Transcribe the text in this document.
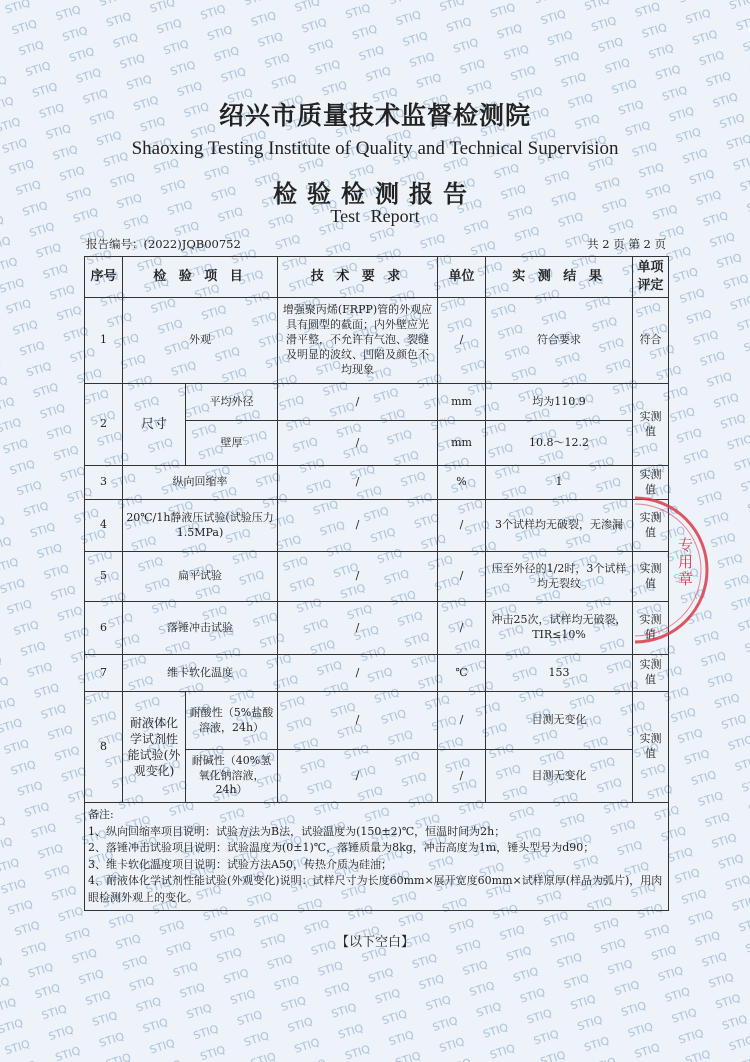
绍兴市质量技术监督检测院
Shaoxing Testing Institute of Quality and Technical Supervision
检验检测报告
Test Report
报告编号：(2022)JQB00752	共 2 页 第 2 页
序号	检 验 项 目		技 术 要 求	单位	实 测 结 果	单项评定
1	外观		增强聚丙烯(FRPP)管的外观应具有圆型的截面；内外壁应光滑平整，不允许有气泡、裂缝及明显的波纹、凹陷及颜色不均现象	/	符合要求	符合
2	尺寸	平均外径	/	mm	均为110.9	实测值
		壁厚	/	mm	10.8～12.2	
3	纵向回缩率		/	%	1	实测值
4	20℃/1h静液压试验(试验压力1.5MPa)		/	/	3个试样均无破裂，无渗漏	实测值
5	扁平试验		/	/	压至外径的1/2时，3个试样均无裂纹	实测值
6	落锤冲击试验		/	/	冲击25次，试样均无破裂，TIR≤10%	实测值
7	维卡软化温度		/	℃	153	实测值
8	耐液体化学试剂性能试验(外观变化)	耐酸性（5%盐酸溶液，24h）	/	/	目测无变化	实测值
		耐碱性（40%氢氧化钠溶液，24h）	/	/	目测无变化	

备注:
1、纵向回缩率项目说明：试验方法为B法，试验温度为(150±2)℃，恒温时间为2h；
2、落锤冲击试验项目说明：试验温度为(0±1)℃，落锤质量为8kg，冲击高度为1m，锤头型号为d90；
3、维卡软化温度项目说明：试验方法A50，传热介质为硅油；
4、耐液体化学试剂性能试验(外观变化)说明：试样尺寸为长度60mm×展开宽度60mm×试样原厚(样品为弧片)，用肉眼检测外观上的变化。						
【以下空白】
专用章
